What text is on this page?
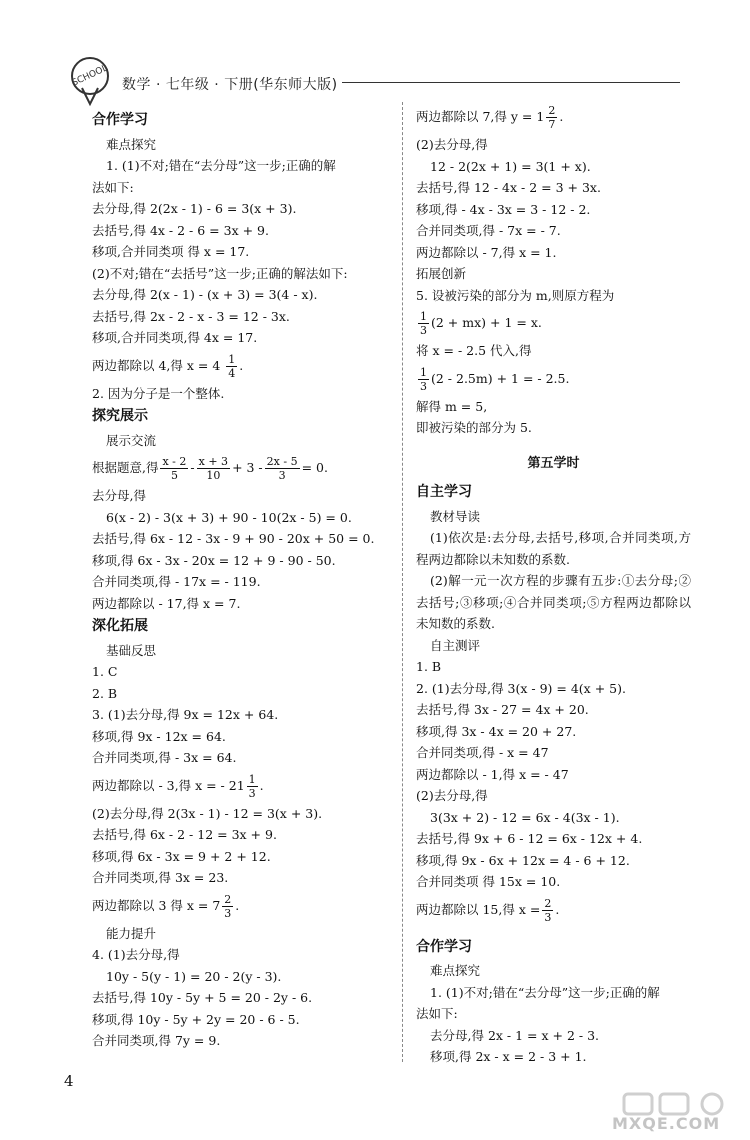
SCHOOL 数学 · 七年级 · 下册(华东师大版)
合作学习
难点探究
1. (1)不对;错在“去分母”这一步;正确的解
法如下:
去分母,得 2(2x - 1) - 6 = 3(x + 3).
去括号,得 4x - 2 - 6 = 3x + 9.
移项,合并同类项 得 x = 17.
(2)不对;错在“去括号”这一步;正确的解法如下:
去分母,得 2(x - 1) - (x + 3) = 3(4 - x).
去括号,得 2x - 2 - x - 3 = 12 - 3x.
移项,合并同类项,得 4x = 17.
两边都除以 4,得 $x = 4 \frac{1}{4}$ .
2. 因为分子是一个整体.
探究展示
展示交流
根据题意,得 $\frac{x - 2}{5} - \frac{x + 3}{10} + 3 - \frac{2x - 5}{3} = 0$.
去分母,得
6(x - 2) - 3(x + 3) + 90 - 10(2x - 5) = 0.
去括号,得 6x - 12 - 3x - 9 + 90 - 20x + 50 = 0.
移项,得 6x - 3x - 20x = 12 + 9 - 90 - 50.
合并同类项,得 - 17x = - 119.
两边都除以 - 17,得 x = 7.
深化拓展
基础反思
1. C
2. B
3. (1)去分母,得 9x = 12x + 64.
移项,得 9x - 12x = 64.
合并同类项,得 - 3x = 64.
两边都除以 - 3,得 x = - $21 \frac{1}{3}$ .
(2)去分母,得 2(3x - 1) - 12 = 3(x + 3).
去括号,得 6x - 2 - 12 = 3x + 9.
移项,得 6x - 3x = 9 + 2 + 12.
合并同类项,得 3x = 23.
两边都除以 3 得 $x = 7 \frac{2}{3}$ .
能力提升
4. (1)去分母,得
10y - 5(y - 1) = 20 - 2(y - 3).
去括号,得 10y - 5y + 5 = 20 - 2y - 6.
移项,得 10y - 5y + 2y = 20 - 6 - 5.
合并同类项,得 7y = 9.
两边都除以 7,得 $y = 1 \frac{2}{7}$ .
(2)去分母,得
12 - 2(2x + 1) = 3(1 + x).
去括号,得 12 - 4x - 2 = 3 + 3x.
移项,得 - 4x - 3x = 3 - 12 - 2.
合并同类项,得 - 7x = - 7.
两边都除以 - 7,得 x = 1.
拓展创新
5. 设被污染的部分为 m,则原方程为
$\frac{1}{3} (2 + mx) + 1 = x$.
将 x = - 2.5 代入,得
$\frac{1}{3} (2 - 2.5m) + 1$ = - 2.5.
解得 m = 5,
即被污染的部分为 5.
第五学时
自主学习
教材导读
(1)依次是:去分母,去括号,移项,合并同类项,方程两边都除以未知数的系数.
(2)解一元一次方程的步骤有五步:①去分母;②去括号;③移项;④合并同类项;⑤方程两边都除以未知数的系数.
自主测评
1. B
2. (1)去分母,得 3(x - 9) = 4(x + 5).
去括号,得 3x - 27 = 4x + 20.
移项,得 3x - 4x = 20 + 27.
合并同类项,得 - x = 47
两边都除以 - 1,得 x = - 47
(2)去分母,得
3(3x + 2) - 12 = 6x - 4(3x - 1).
去括号,得 9x + 6 - 12 = 6x - 12x + 4.
移项,得 9x - 6x + 12x = 4 - 6 + 12.
合并同类项 得 15x = 10.
两边都除以 15,得 $x = \frac{2}{3}$ .
合作学习
难点探究
1. (1)不对;错在“去分母”这一步;正确的解
法如下:
去分母,得 2x - 1 = x + 2 - 3.
移项,得 2x - x = 2 - 3 + 1.
4
MXQE.COM
